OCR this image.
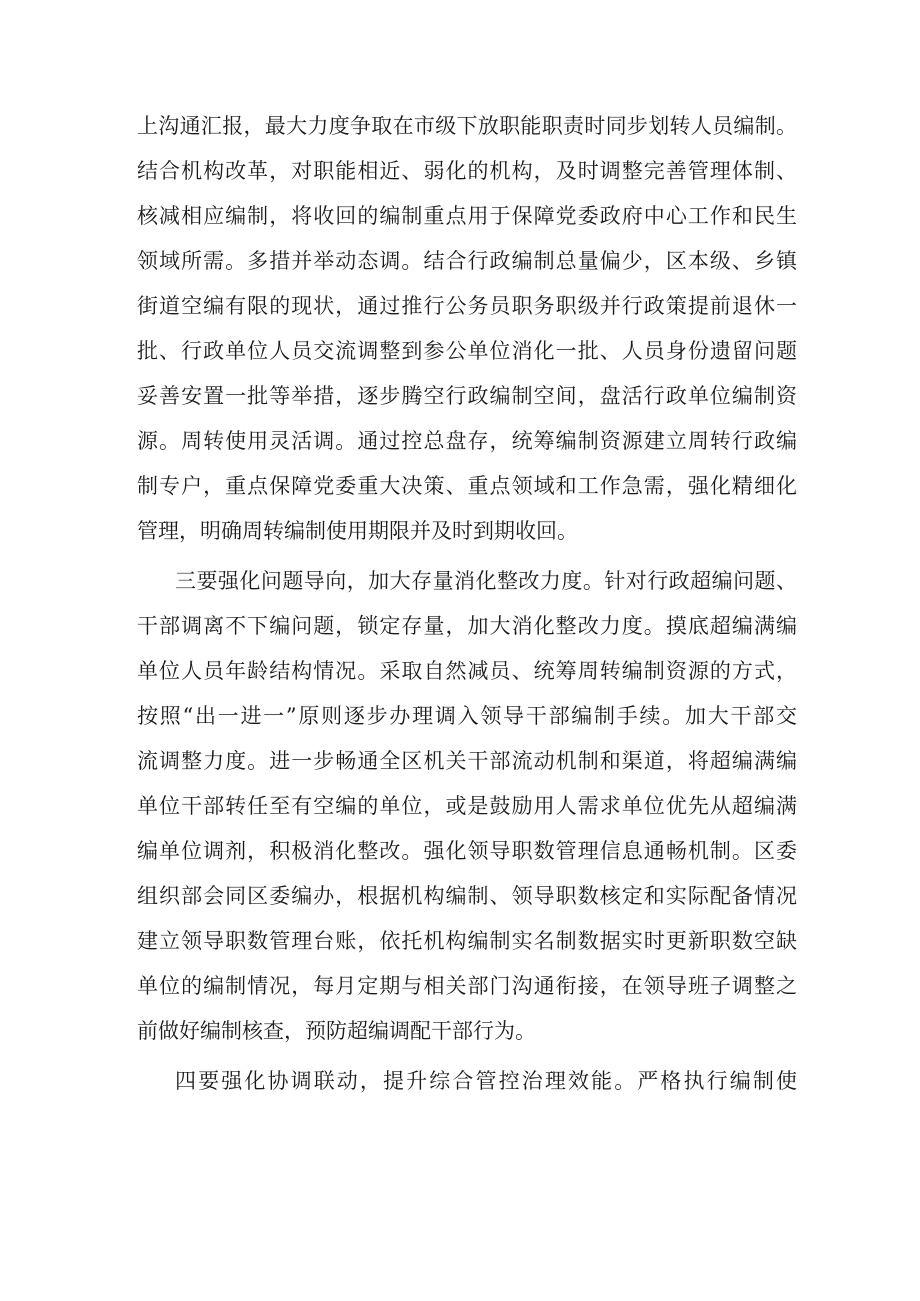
上沟通汇报，最大力度争取在市级下放职能职责时同步划转人员编制。
结合机构改革，对职能相近、弱化的机构，及时调整完善管理体制、
核减相应编制，将收回的编制重点用于保障党委政府中心工作和民生
领域所需。多措并举动态调。结合行政编制总量偏少，区本级、乡镇
街道空编有限的现状，通过推行公务员职务职级并行政策提前退休一
批、行政单位人员交流调整到参公单位消化一批、人员身份遗留问题
妥善安置一批等举措，逐步腾空行政编制空间，盘活行政单位编制资
源。周转使用灵活调。通过控总盘存，统筹编制资源建立周转行政编
制专户，重点保障党委重大决策、重点领域和工作急需，强化精细化
管理，明确周转编制使用期限并及时到期收回。
三要强化问题导向，加大存量消化整改力度。针对行政超编问题、
干部调离不下编问题，锁定存量，加大消化整改力度。摸底超编满编
单位人员年龄结构情况。采取自然减员、统筹周转编制资源的方式，
按照“出一进一”原则逐步办理调入领导干部编制手续。加大干部交
流调整力度。进一步畅通全区机关干部流动机制和渠道，将超编满编
单位干部转任至有空编的单位，或是鼓励用人需求单位优先从超编满
编单位调剂，积极消化整改。强化领导职数管理信息通畅机制。区委
组织部会同区委编办，根据机构编制、领导职数核定和实际配备情况
建立领导职数管理台账，依托机构编制实名制数据实时更新职数空缺
单位的编制情况，每月定期与相关部门沟通衔接，在领导班子调整之
前做好编制核查，预防超编调配干部行为。
四要强化协调联动，提升综合管控治理效能。严格执行编制使
